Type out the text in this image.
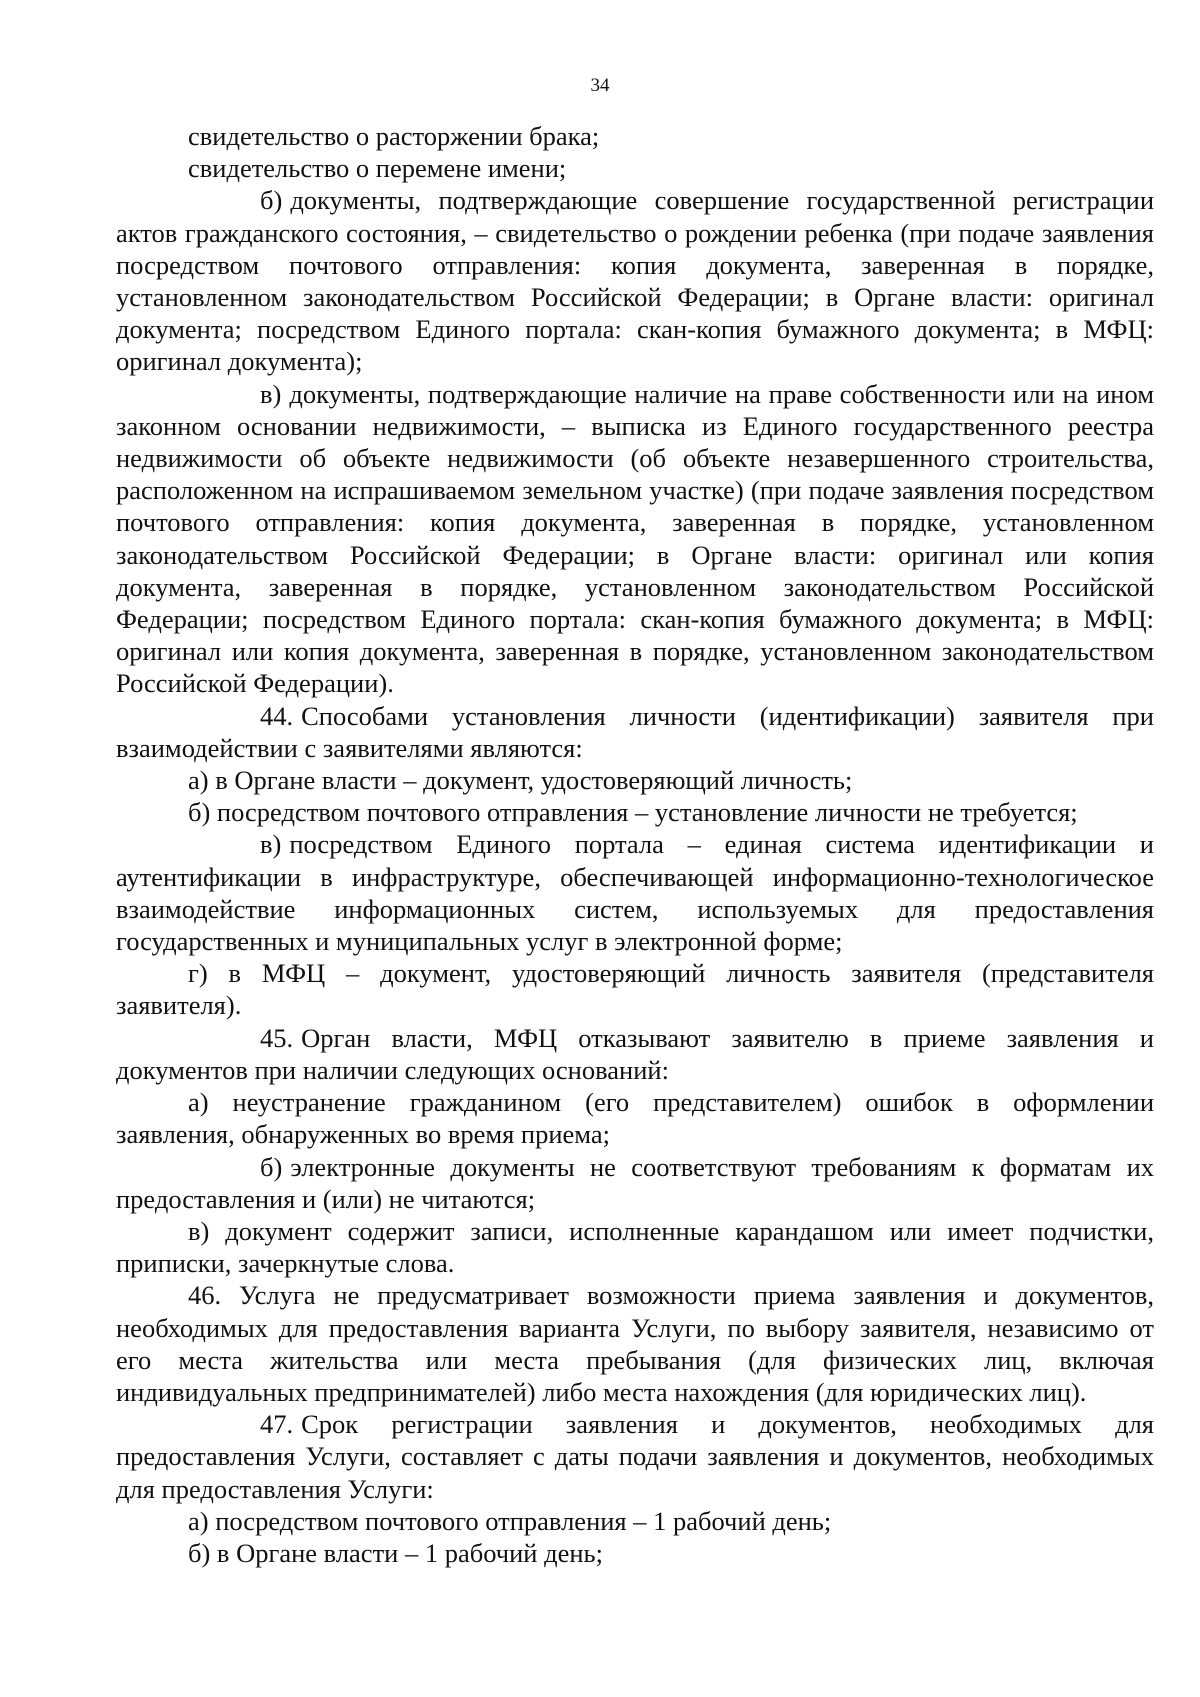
34

свидетельство о расторжении брака;

свидетельство о перемене имени;

б) документы, подтверждающие совершение государственной регистрации актов гражданского состояния, – свидетельство о рождении ребенка (при подаче заявления посредством почтового отправления: копия документа, заверенная в порядке, установленном законодательством Российской Федерации; в Органе власти: оригинал документа; посредством Единого портала: скан-копия бумажного документа; в МФЦ: оригинал документа);

в) документы, подтверждающие наличие на праве собственности или на ином законном основании недвижимости, – выписка из Единого государственного реестра недвижимости об объекте недвижимости (об объекте незавершенного строительства, расположенном на испрашиваемом земельном участке) (при подаче заявления посредством почтового отправления: копия документа, заверенная в порядке, установленном законодательством Российской Федерации; в Органе власти: оригинал или копия документа, заверенная в порядке, установленном законодательством Российской Федерации; посредством Единого портала: скан-копия бумажного документа; в МФЦ: оригинал или копия документа, заверенная в порядке, установленном законодательством Российской Федерации).

44. Способами установления личности (идентификации) заявителя при взаимодействии с заявителями являются:

а) в Органе власти – документ, удостоверяющий личность;

б) посредством почтового отправления – установление личности не требуется;

в) посредством Единого портала – единая система идентификации и аутентификации в инфраструктуре, обеспечивающей информационно-технологическое взаимодействие информационных систем, используемых для предоставления государственных и муниципальных услуг в электронной форме;

г) в МФЦ – документ, удостоверяющий личность заявителя (представителя заявителя).

45. Орган власти, МФЦ отказывают заявителю в приеме заявления и документов при наличии следующих оснований:

а) неустранение гражданином (его представителем) ошибок в оформлении заявления, обнаруженных во время приема;

б) электронные документы не соответствуют требованиям к форматам их предоставления и (или) не читаются;

в) документ содержит записи, исполненные карандашом или имеет подчистки, приписки, зачеркнутые слова.

46. Услуга не предусматривает возможности приема заявления и документов, необходимых для предоставления варианта Услуги, по выбору заявителя, независимо от его места жительства или места пребывания (для физических лиц, включая индивидуальных предпринимателей) либо места нахождения (для юридических лиц).

47. Срок регистрации заявления и документов, необходимых для предоставления Услуги, составляет с даты подачи заявления и документов, необходимых для предоставления Услуги:

а) посредством почтового отправления – 1 рабочий день;

б) в Органе власти – 1 рабочий день;
